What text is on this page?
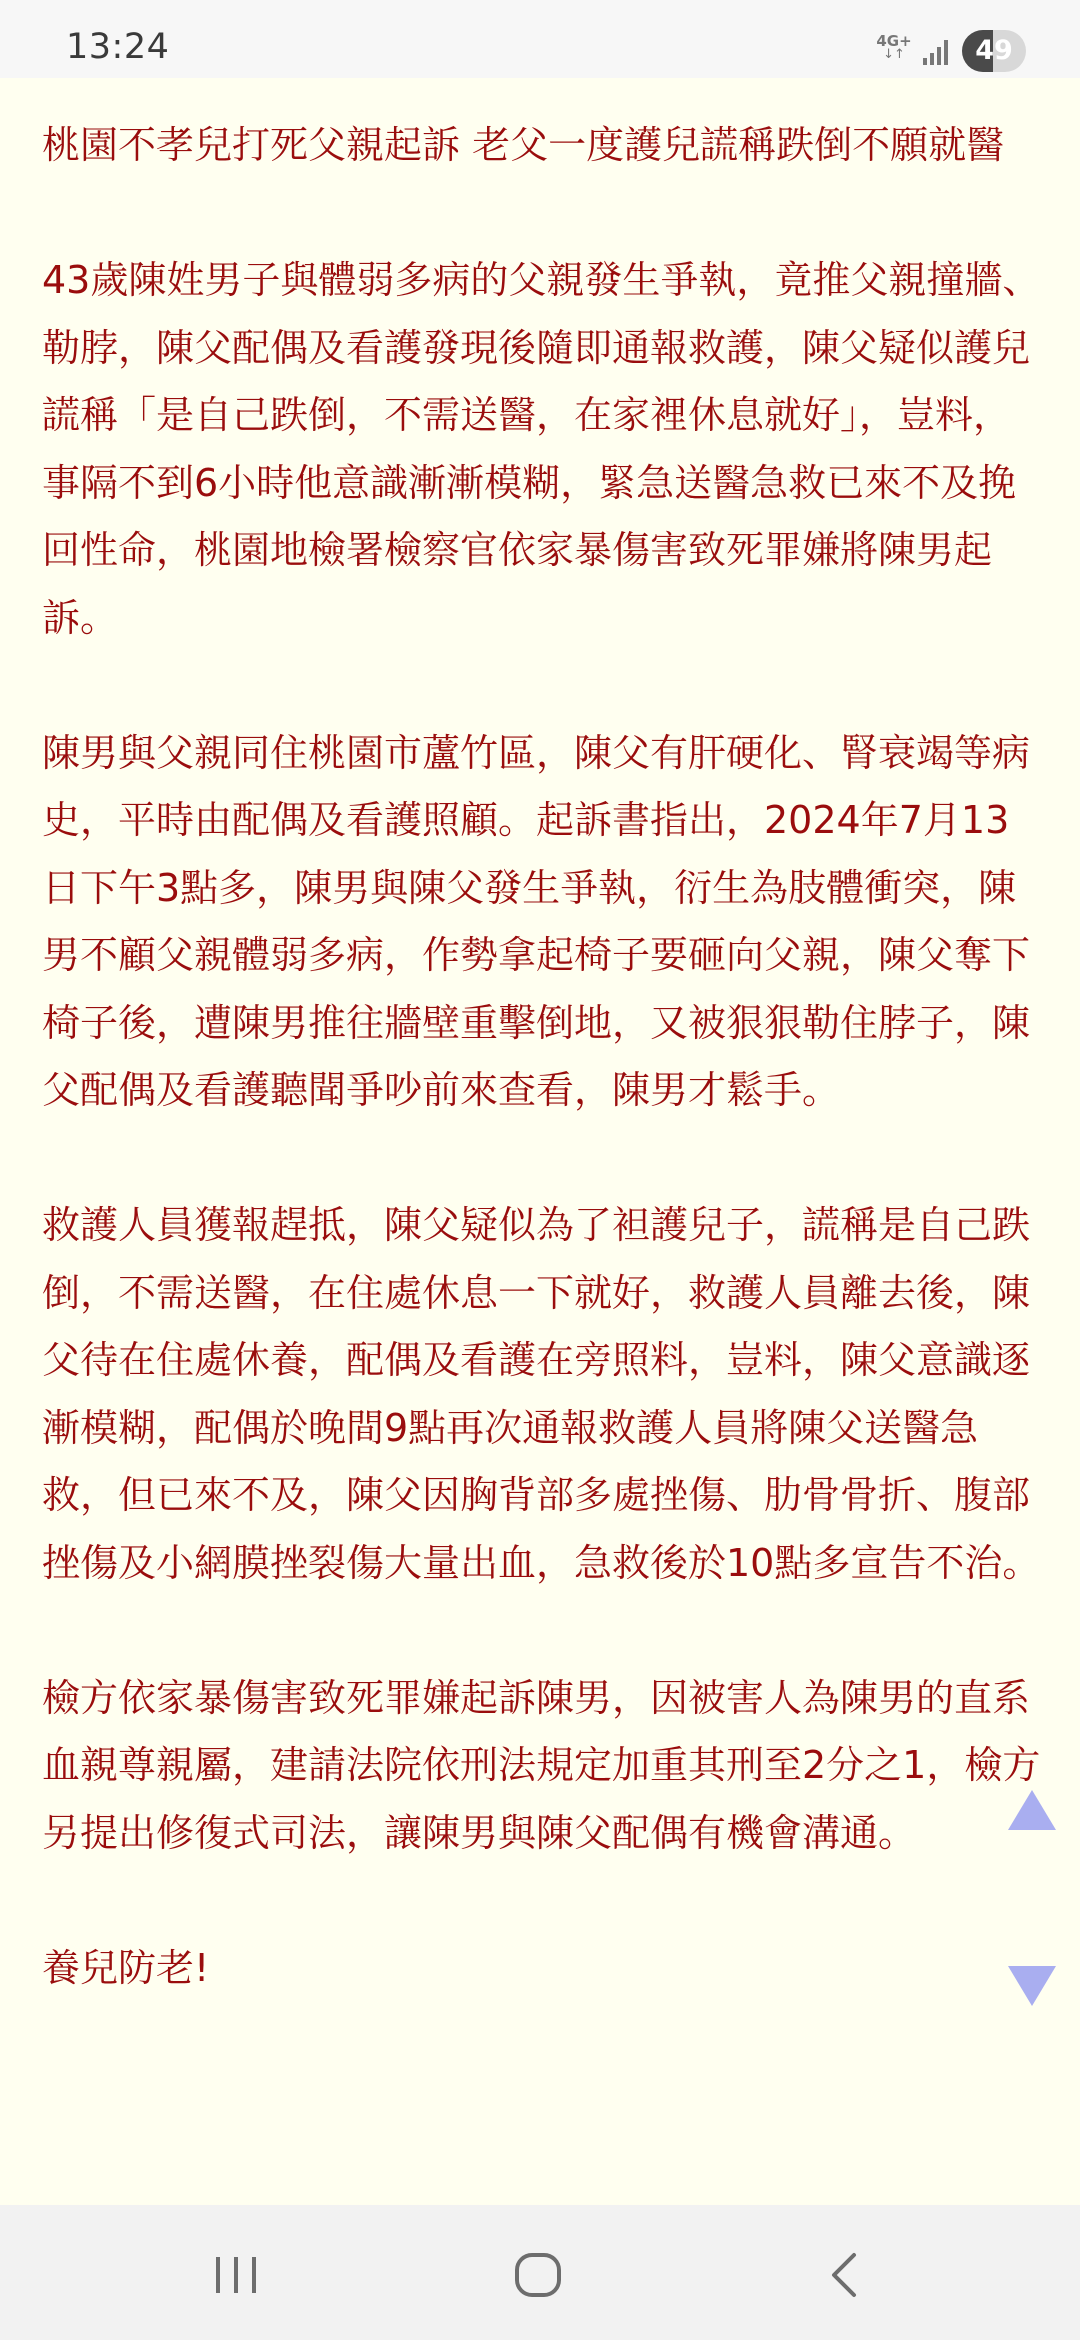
13:24	4G+
↓↑	49

桃園不孝兒打死父親起訴 老父一度護兒謊稱跌倒不願就醫

43歲陳姓男子與體弱多病的父親發生爭執，竟推父親撞牆、勒脖，陳父配偶及看護發現後隨即通報救護，陳父疑似護兒謊稱「是自己跌倒，不需送醫，在家裡休息就好」，豈料，事隔不到6小時他意識漸漸模糊，緊急送醫急救已來不及挽回性命，桃園地檢署檢察官依家暴傷害致死罪嫌將陳男起訴。

陳男與父親同住桃園市蘆竹區，陳父有肝硬化、腎衰竭等病史，平時由配偶及看護照顧。起訴書指出，2024年7月13日下午3點多，陳男與陳父發生爭執，衍生為肢體衝突，陳男不顧父親體弱多病，作勢拿起椅子要砸向父親，陳父奪下椅子後，遭陳男推往牆壁重擊倒地，又被狠狠勒住脖子，陳父配偶及看護聽聞爭吵前來查看，陳男才鬆手。

救護人員獲報趕抵，陳父疑似為了袒護兒子，謊稱是自己跌倒，不需送醫，在住處休息一下就好，救護人員離去後，陳父待在住處休養，配偶及看護在旁照料，豈料，陳父意識逐漸模糊，配偶於晚間9點再次通報救護人員將陳父送醫急救，但已來不及，陳父因胸背部多處挫傷、肋骨骨折、腹部挫傷及小網膜挫裂傷大量出血，急救後於10點多宣告不治。

檢方依家暴傷害致死罪嫌起訴陳男，因被害人為陳男的直系血親尊親屬，建請法院依刑法規定加重其刑至2分之1，檢方另提出修復式司法，讓陳男與陳父配偶有機會溝通。

養兒防老!
